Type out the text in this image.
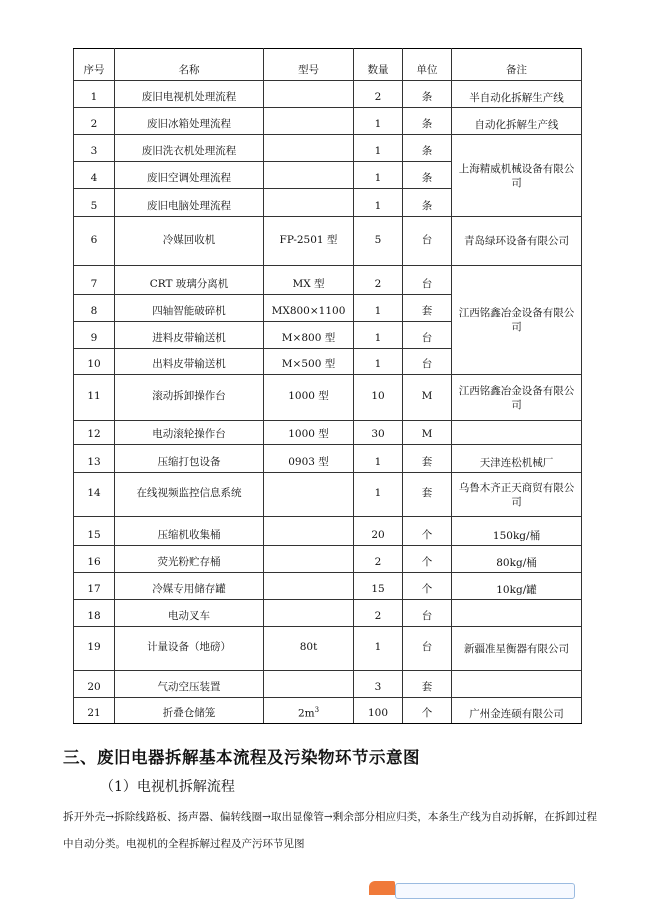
序号	名称	型号	数量	单位	备注
1	废旧电视机处理流程		2	条	半自动化拆解生产线
2	废旧冰箱处理流程		1	条	自动化拆解生产线
3	废旧洗衣机处理流程		1	条	上海精威机械设备有限公司
4	废旧空调处理流程		1	条	
5	废旧电脑处理流程		1	条	
6	冷媒回收机	FP-2501 型	5	台	青岛绿环设备有限公司
7	CRT 玻璃分离机	MX 型	2	台	江西铭鑫冶金设备有限公司
8	四轴智能破碎机	MX800×1100	1	套	
9	进料皮带输送机	M×800 型	1	台	
10	出料皮带输送机	M×500 型	1	台	
11	滚动拆卸操作台	1000 型	10	M	江西铭鑫冶金设备有限公司
12	电动滚轮操作台	1000 型	30	M	
13	压缩打包设备	0903 型	1	套	天津连松机械厂
14	在线视频监控信息系统		1	套	乌鲁木齐正天商贸有限公司
15	压缩机收集桶		20	个	150kg/桶
16	荧光粉贮存桶		2	个	80kg/桶
17	冷媒专用储存罐		15	个	10kg/罐
18	电动叉车		2	台	
19	计量设备（地磅）	80t	1	台	新疆准星衡器有限公司
20	气动空压装置		3	套	
21	折叠仓储笼	$2m^3$	100	个	广州金连硕有限公司
三、废旧电器拆解基本流程及污染物环节示意图
（1）电视机拆解流程

拆开外壳→拆除线路板、扬声器、偏转线圈→取出显像管→剩余部分相应归类，本条生产线为自动拆解，在拆卸过程中自动分类。电视机的全程拆解过程及产污环节见图
